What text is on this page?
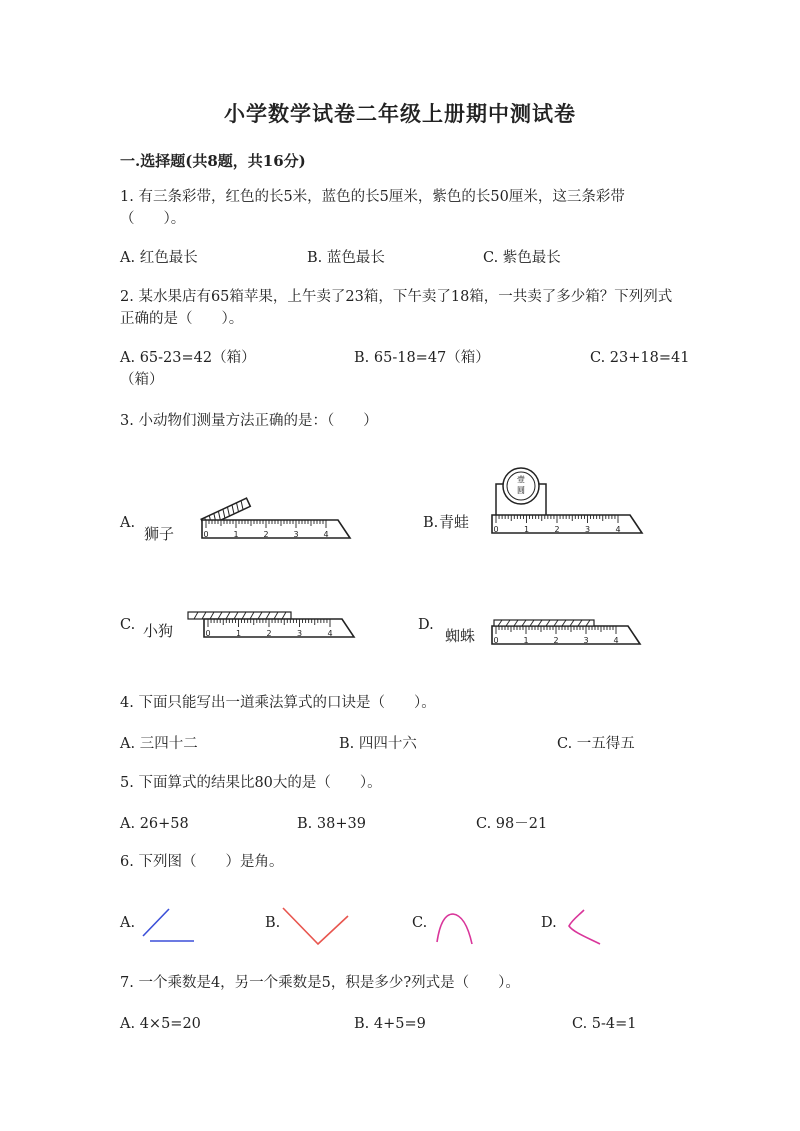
小学数学试卷二年级上册期中测试卷
一.选择题(共8题，共16分)
1. 有三条彩带，红色的长5米，蓝色的长5厘米，紫色的长50厘米，这三条彩带（　　）。
A. 红色最长	B. 蓝色最长	C. 紫色最长
2. 某水果店有65箱苹果，上午卖了23箱，下午卖了18箱，一共卖了多少箱？下列列式正确的是（　　）。
A. 65-23=42（箱）	B. 65-18=47（箱）	C. 23+18=41
（箱）
3. 小动物们测量方法正确的是：（　　）
A.
狮子
B. 青蛙
C. 小狗	D.
蜘蛛
0	1	2	3	4
壹
圆
0	1	2	3	4
0	1	2	3	4
0	1	2	3	4
4. 下面只能写出一道乘法算式的口诀是（　　）。
A. 三四十二	B. 四四十六	C. 一五得五
5. 下面算式的结果比80大的是（　　）。
A. 26+58	B. 38+39	C. 98－21
6. 下列图（　　）是角。
A.	B.	C.	D.
7. 一个乘数是4，另一个乘数是5，积是多少?列式是（　　）。
A. 4×5=20	B. 4+5=9	C. 5-4=1
